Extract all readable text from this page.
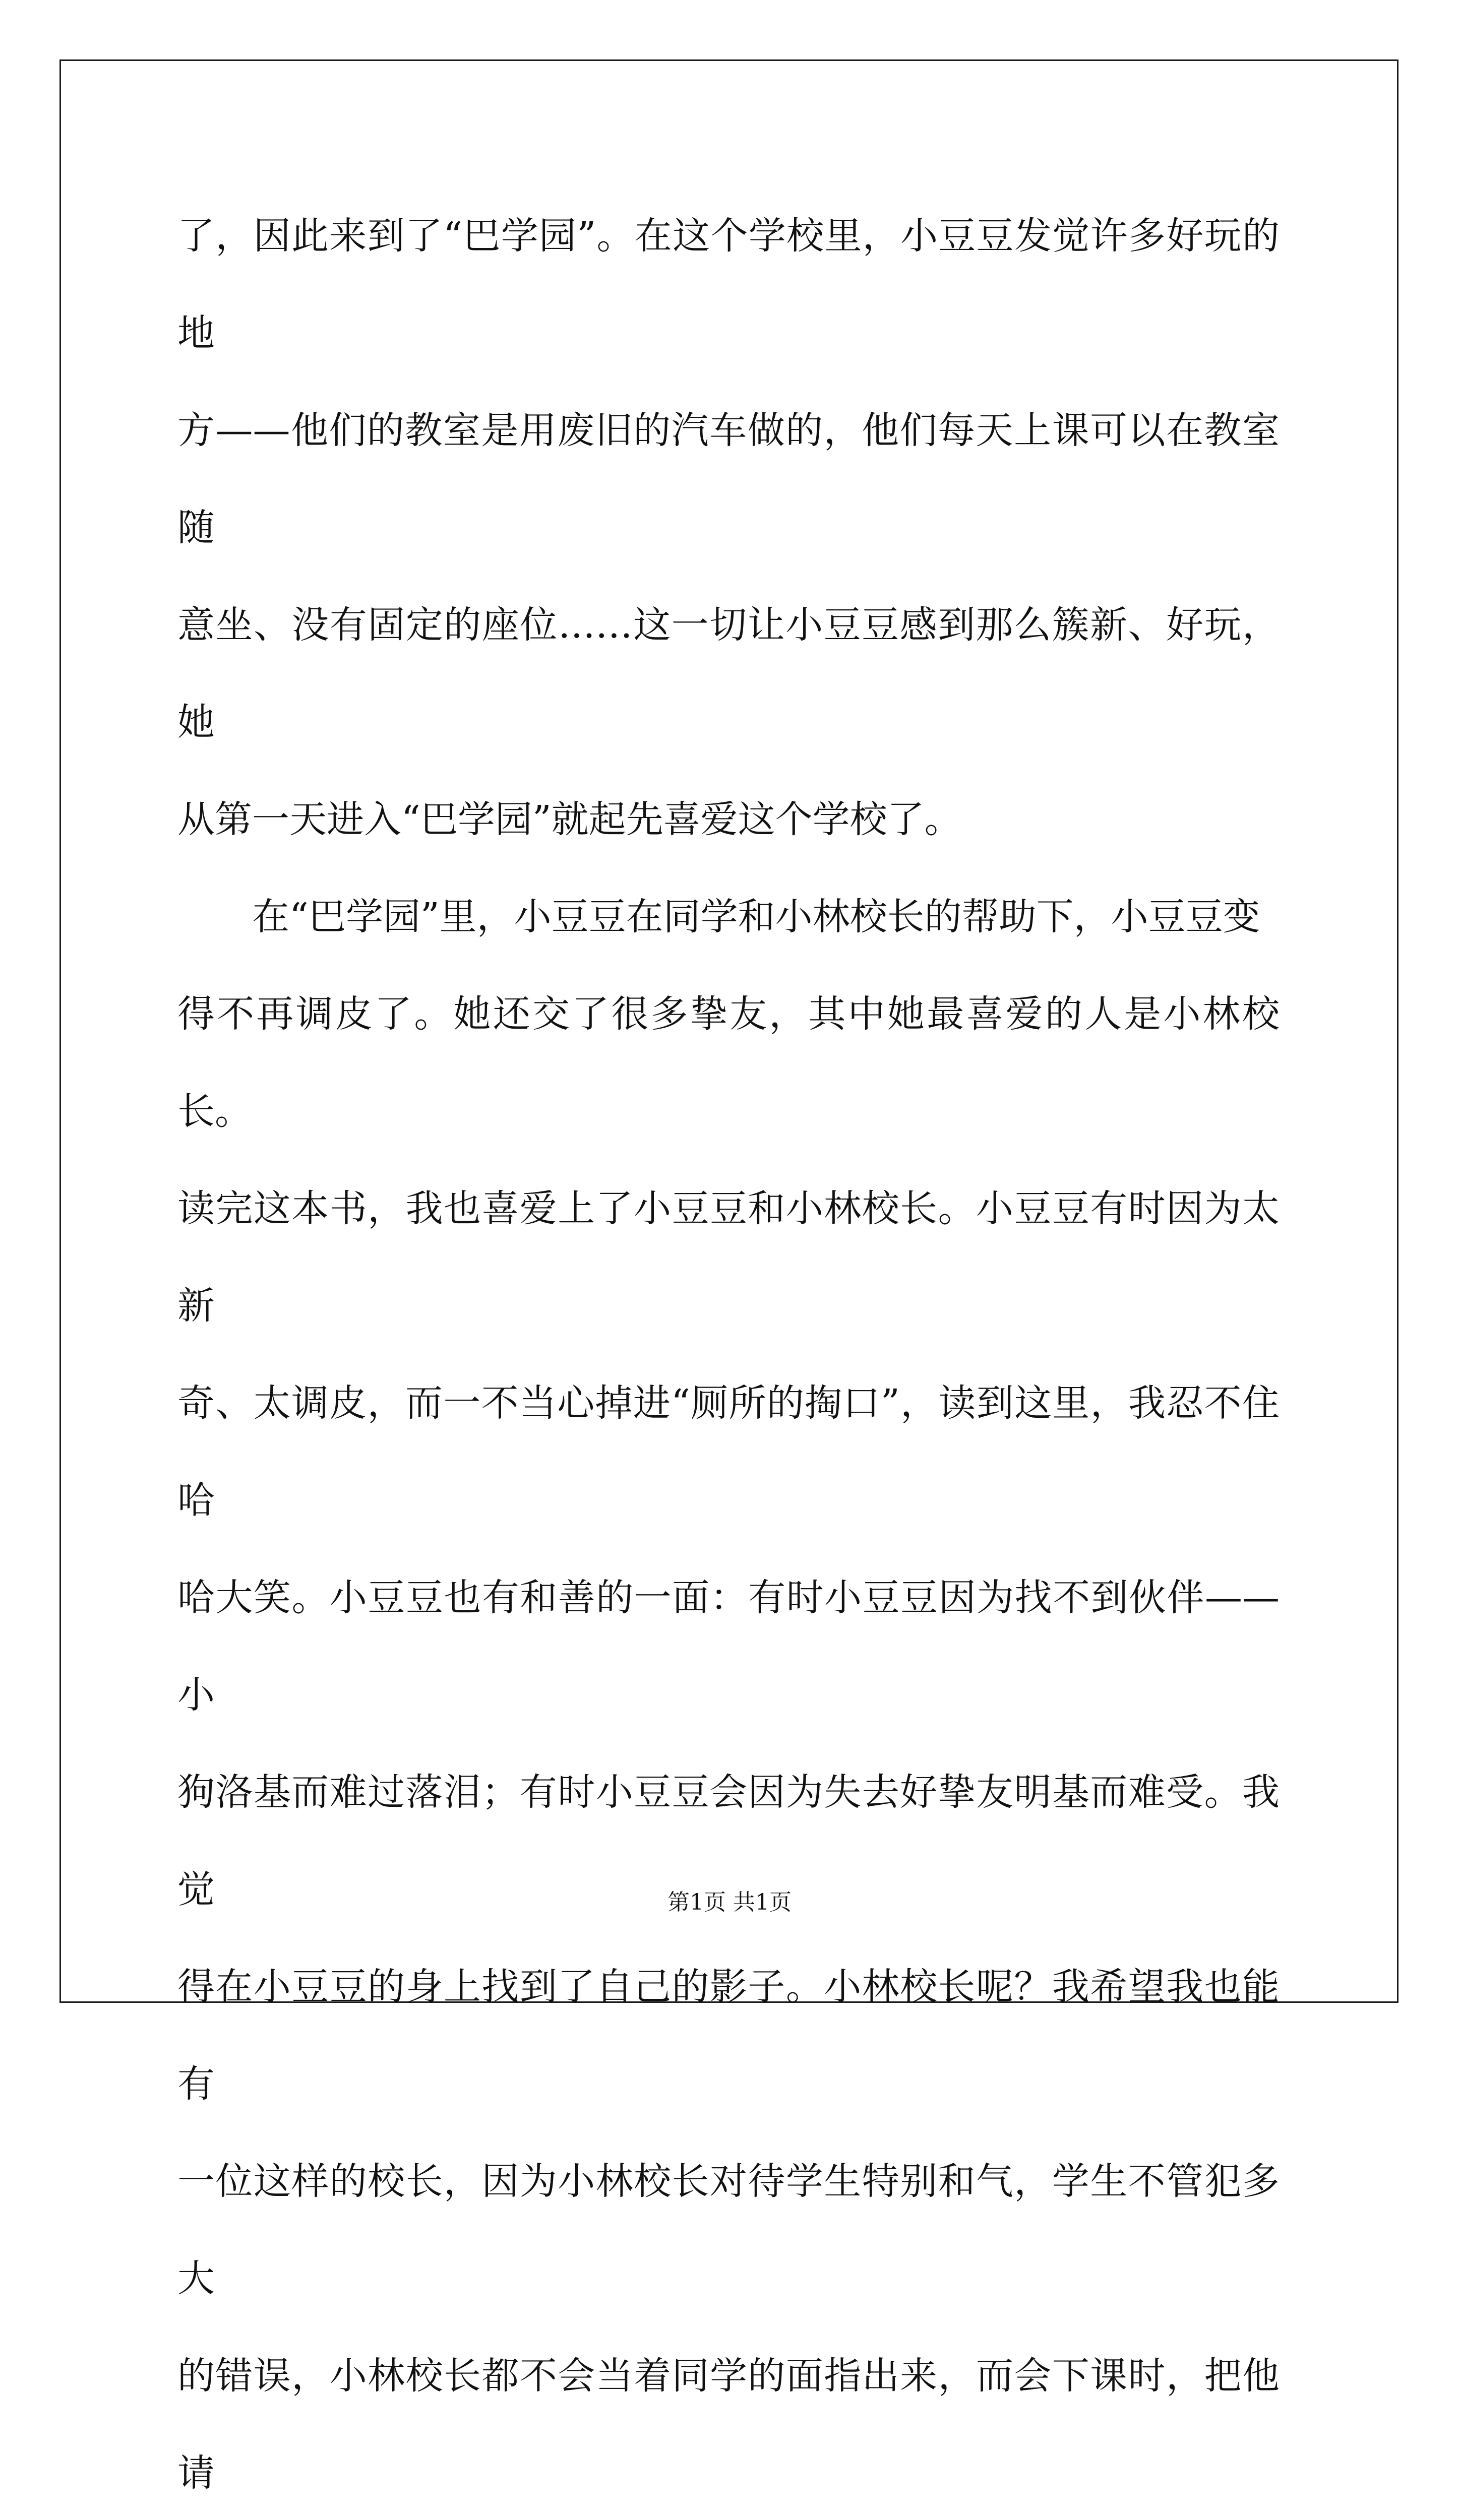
了，因此来到了“巴学园”。在这个学校里，小豆豆发觉许多好玩的地
方——他们的教室是用废旧的汽车做的，他们每天上课可以在教室随
意坐、没有固定的座位……这一切让小豆豆感到那么簇新、好玩，她
从第一天进入“巴学园”就起先喜爱这个学校了。

在“巴学园”里，小豆豆在同学和小林校长的帮助下，小豆豆变
得不再调皮了。她还交了很多挚友，其中她最喜爱的人是小林校长。
读完这本书，我也喜爱上了小豆豆和小林校长。小豆豆有时因为太新
奇、太调皮，而一不当心掉进“厕所的掏口”，读到这里，我忍不住哈
哈大笑。小豆豆也有和善的一面：有时小豆豆因为找不到伙伴——小
狗洛基而难过落泪；有时小豆豆会因为失去好挚友明基而难受。我觉
得在小豆豆的身上找到了自己的影子。小林校长呢？我希望我也能有
一位这样的校长，因为小林校长对待学生特别和气，学生不管犯多大
的错误，小林校长都不会当着同学的面指出来，而会下课时，把他请

第1页 共1页
